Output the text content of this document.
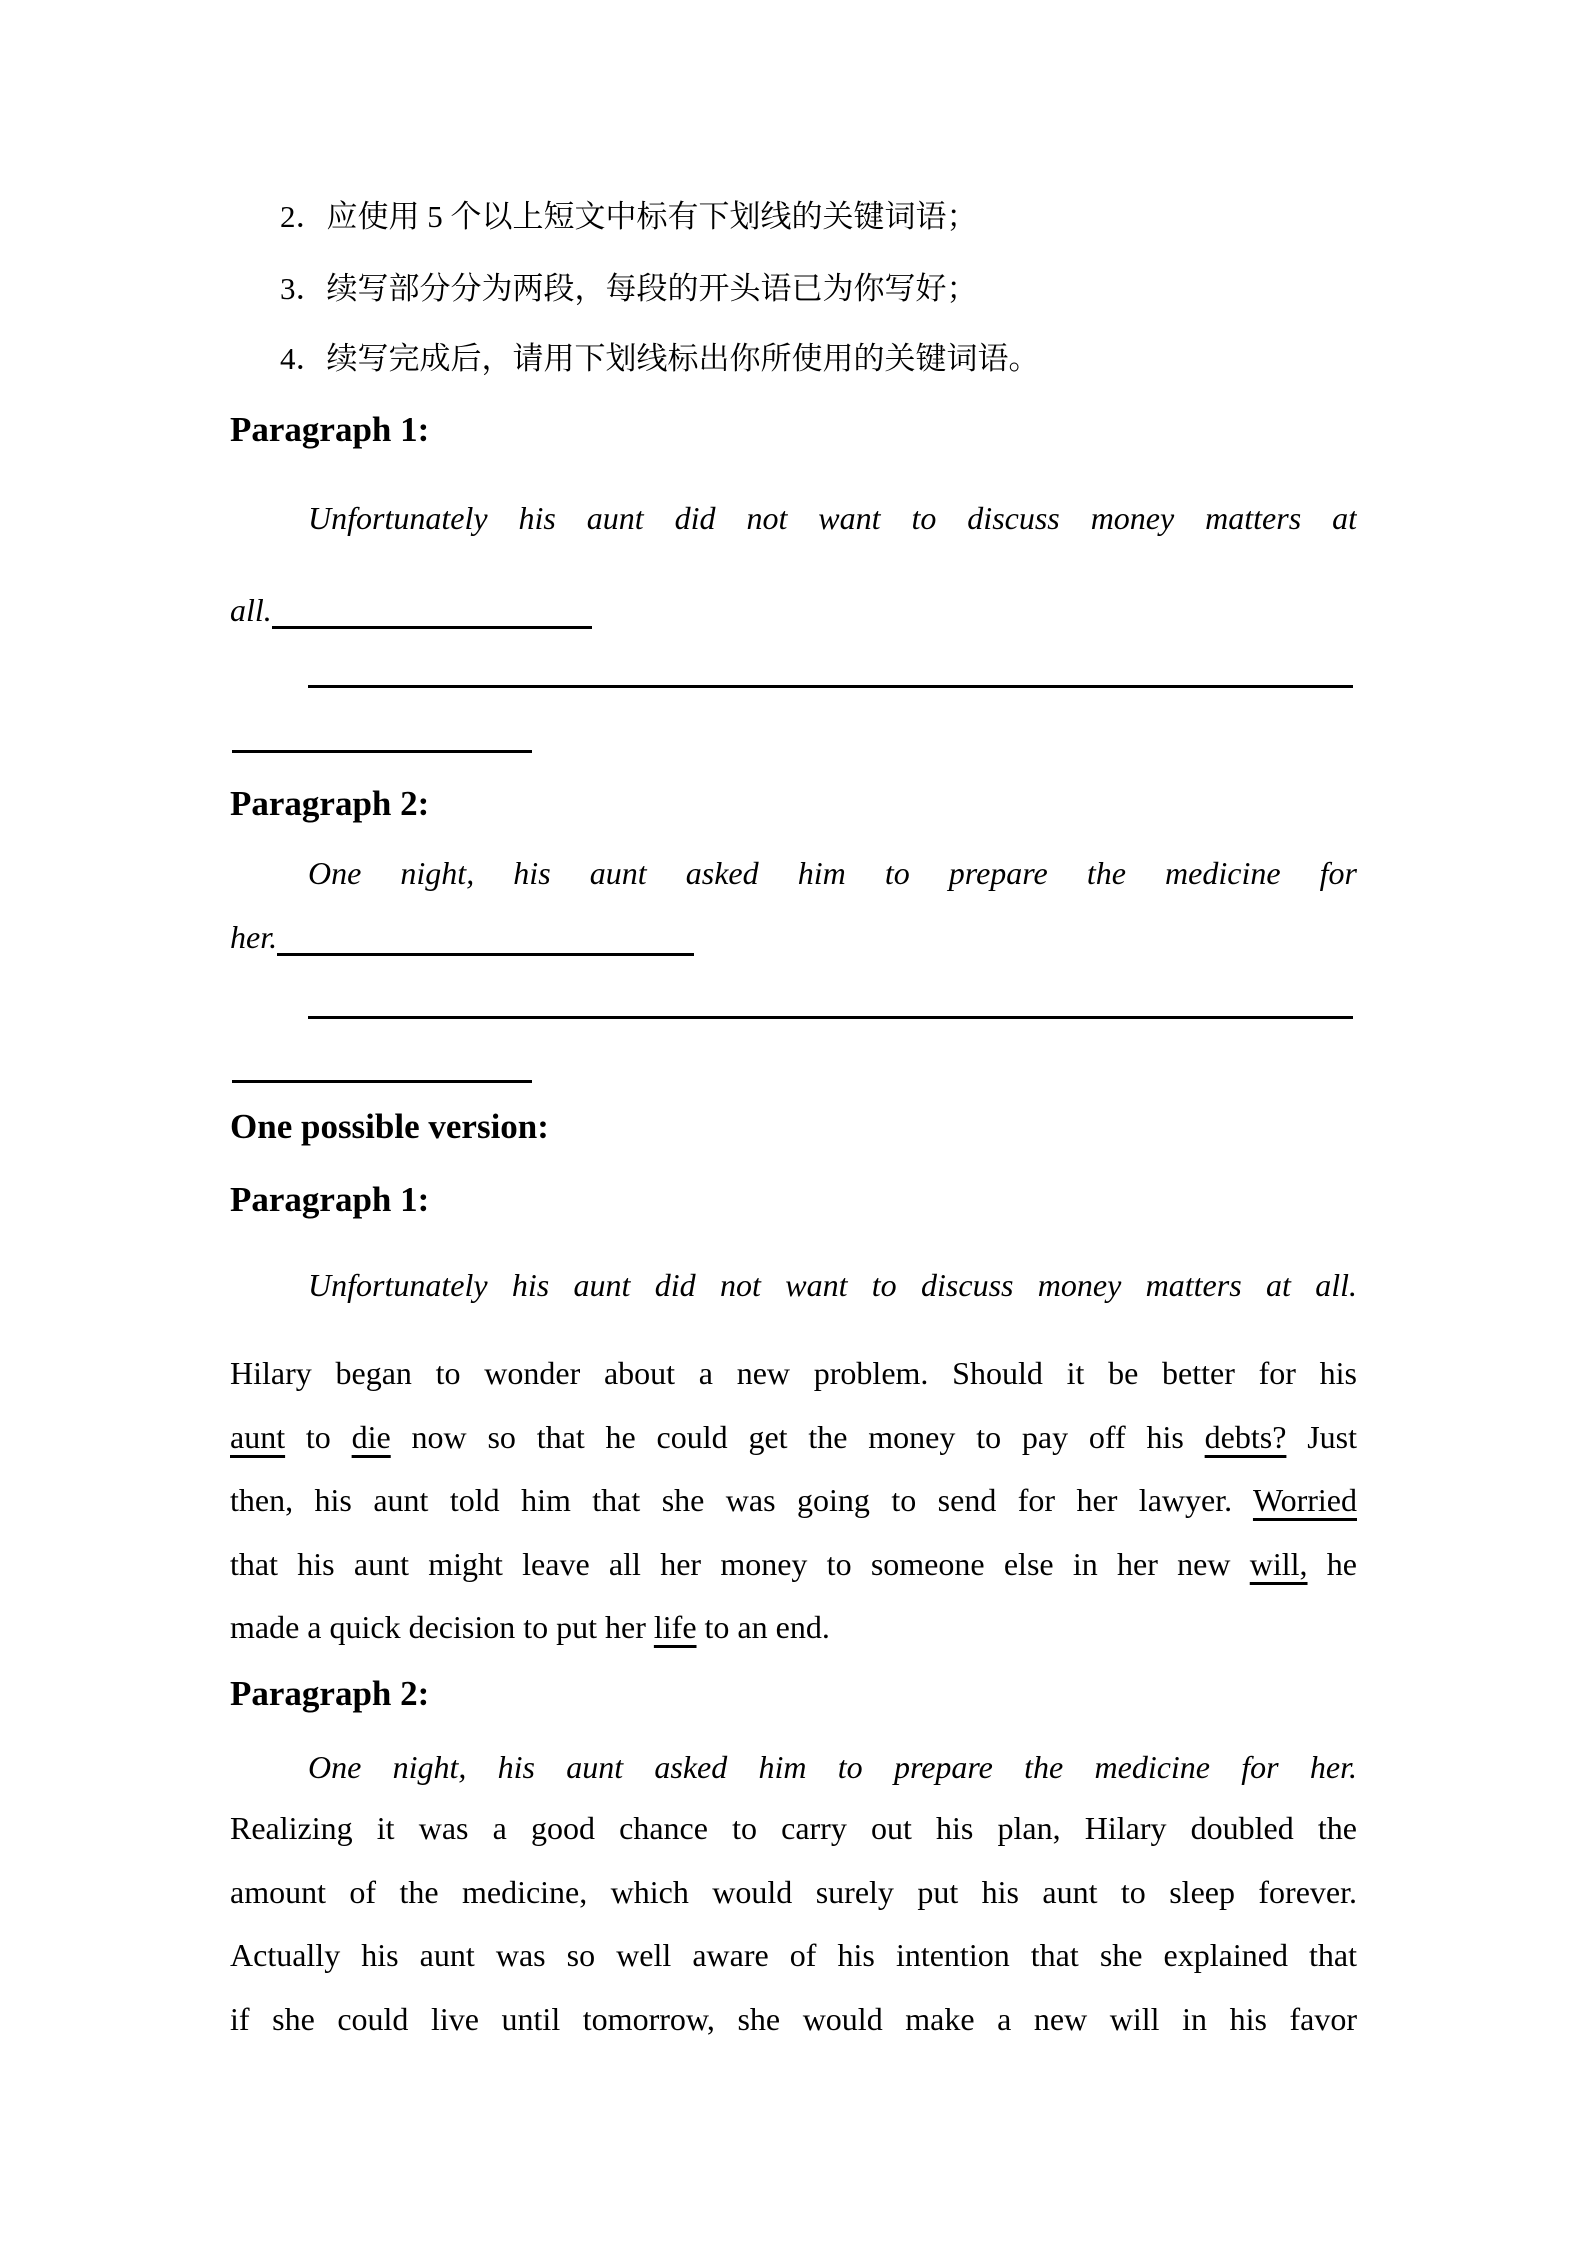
2．应使用 5 个以上短文中标有下划线的关键词语；
3．续写部分分为两段，每段的开头语已为你写好；
4．续写完成后，请用下划线标出你所使用的关键词语。
Paragraph 1:
Unfortunately his aunt did not want to discuss money matters at
all.
Paragraph 2:
One night, his aunt asked him to prepare the medicine for
her.
One possible version:
Paragraph 1:
Unfortunately his aunt did not want to discuss money matters at all.
Hilary began to wonder about a new problem. Should it be better for his
aunt to die now so that he could get the money to pay off his debts? Just
then, his aunt told him that she was going to send for her lawyer. Worried
that his aunt might leave all her money to someone else in her new will, he
made a quick decision to put her life to an end.
Paragraph 2:
One night, his aunt asked him to prepare the medicine for her.
Realizing it was a good chance to carry out his plan, Hilary doubled the
amount of the medicine, which would surely put his aunt to sleep forever.
Actually his aunt was so well aware of his intention that she explained that
if she could live until tomorrow, she would make a new will in his favor
